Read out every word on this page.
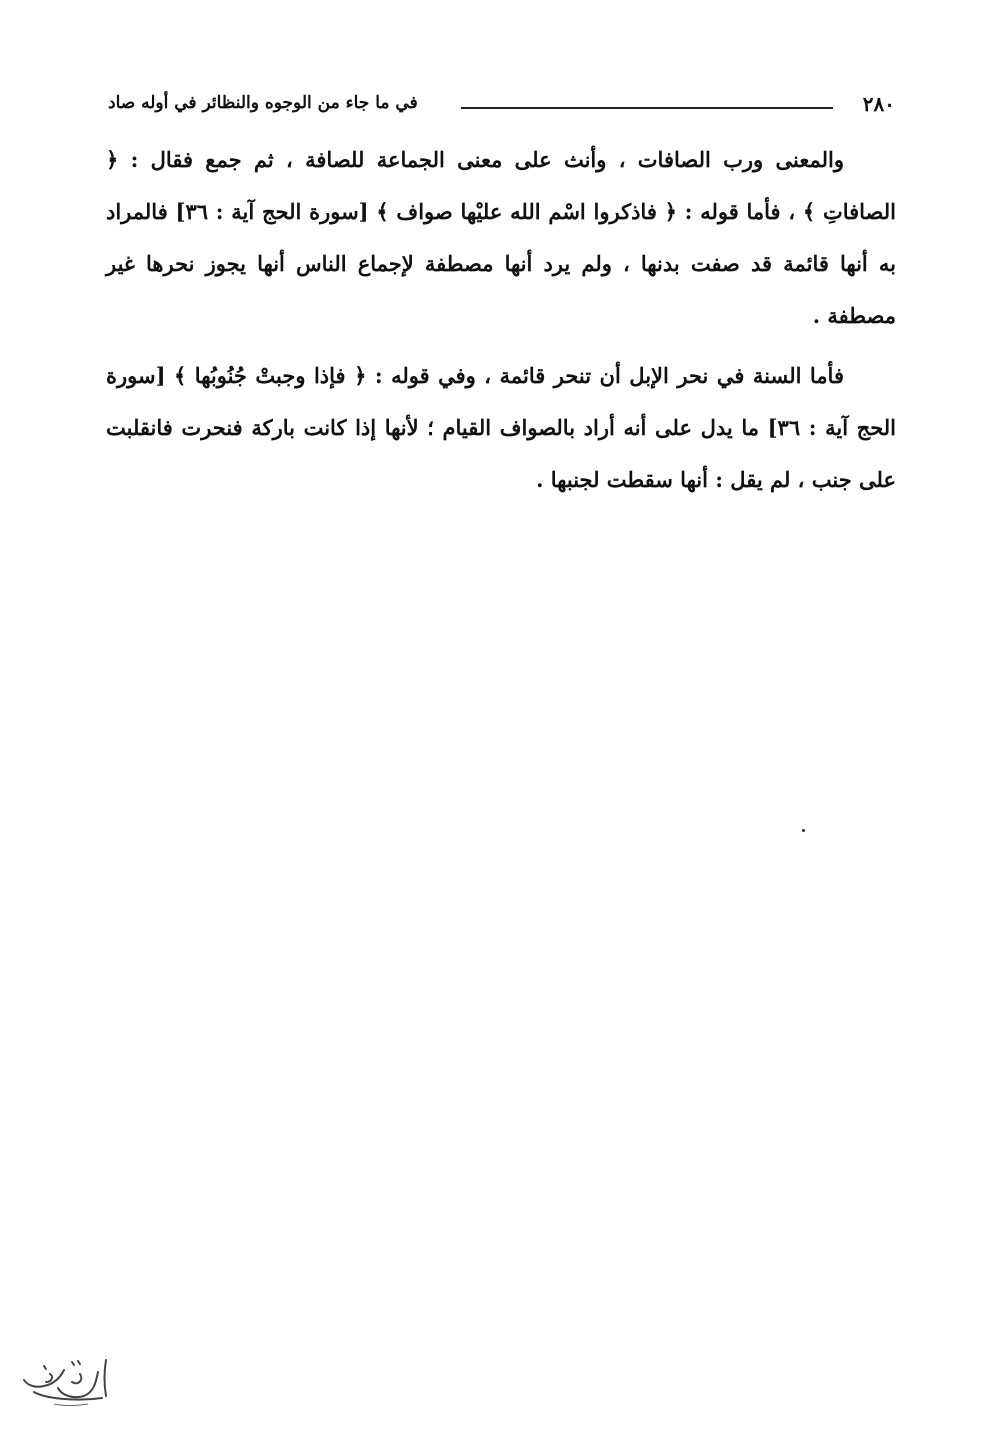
٢٨٠
في ما جاء من الوجوه والنظائر في أوله صاد

والمعنى ورب الصافات ، وأنث على معنى الجماعة للصافة ، ثم جمع فقال : ﴿ الصافاتِ ﴾ ، فأما قوله : ﴿ فاذكروا اسْم الله عليْها صواف ﴾ [سورة الحج آية : ٣٦] فالمراد به أنها قائمة قد صفت بدنها ، ولم يرد أنها مصطفة لإجماع الناس أنها يجوز نحرها غير مصطفة .

فأما السنة في نحر الإبل أن تنحر قائمة ، وفي قوله : ﴿ فإذا وجبتْ جُنُوبُها ﴾ [سورة الحج آية : ٣٦] ما يدل على أنه أراد بالصواف القيام ؛ لأنها إذا كانت باركة فنحرت فانقلبت على جنب ، لم يقل : أنها سقطت لجنبها .
